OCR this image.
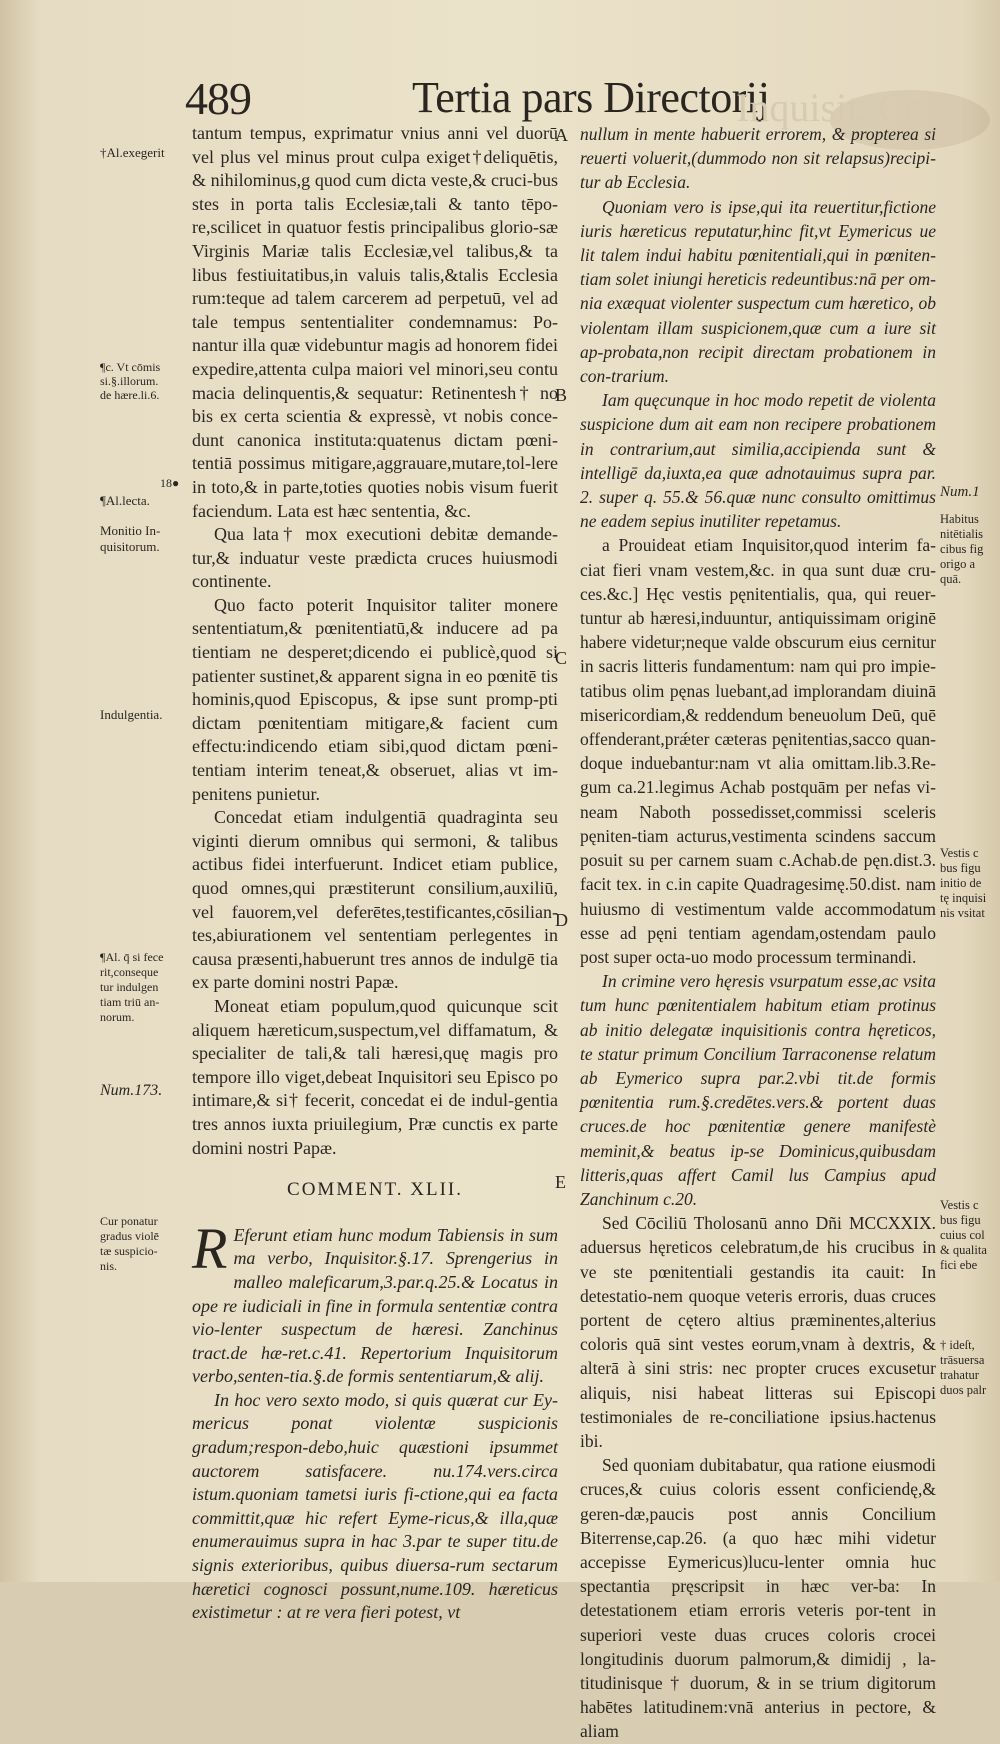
489	Tertia pars Directorij
Inquisit. Co

tantum tempus, exprimatur vnius anni vel duorū vel plus vel minus prout culpa exiget†deliquētis, & nihilominus,g quod cum dicta veste,& cruci-bus stes in porta talis Ecclesiæ,tali & tanto tēpo-re,scilicet in quatuor festis principalibus glorio-sæ Virginis Mariæ talis Ecclesiæ,vel talibus,& ta libus festiuitatibus,in valuis talis,&talis Ecclesia rum:teque ad talem carcerem ad perpetuū, vel ad tale tempus sententialiter condemnamus: Po-nantur illa quæ videbuntur magis ad honorem fidei expedire,attenta culpa maiori vel minori,seu contu macia delinquentis,& sequatur: Retinentesh† no bis ex certa scientia & expressè, vt nobis conce-dunt canonica instituta:quatenus dictam pœni-tentiā possimus mitigare,aggrauare,mutare,tol-lere in toto,& in parte,toties quoties nobis visum fuerit faciendum. Lata est hæc sententia, &c.

Qua lata† mox executioni debitæ demande-tur,& induatur veste prædicta cruces huiusmodi continente.

Quo facto poterit Inquisitor taliter monere sententiatum,& pœnitentiatū,& inducere ad pa tientiam ne desperet;dicendo ei publicè,quod si patienter sustinet,& apparent signa in eo pœnitē tis hominis,quod Episcopus, & ipse sunt promp-pti dictam pœnitentiam mitigare,& facient cum effectu:indicendo etiam sibi,quod dictam pœni-tentiam interim teneat,& obseruet, alias vt im-penitens punietur.

Concedat etiam indulgentiā quadraginta seu viginti dierum omnibus qui sermoni, & talibus actibus fidei interfuerunt. Indicet etiam publice, quod omnes,qui præstiterunt consilium,auxiliū, vel fauorem,vel deferētes,testificantes,cōsilian-tes,abiurationem vel sententiam perlegentes in causa præsenti,habuerunt tres annos de indulgē tia ex parte domini nostri Papæ.

Moneat etiam populum,quod quicunque scit aliquem hæreticum,suspectum,vel diffamatum, & specialiter de tali,& tali hæresi,quę magis pro tempore illo viget,debeat Inquisitori seu Episco po intimare,& si† fecerit, concedat ei de indul-gentia tres annos iuxta priuilegium, Præ cunctis ex parte domini nostri Papæ.

COMMENT. XLII.

R Eferunt etiam hunc modum Tabiensis in sum ma verbo, Inquisitor.§.17. Sprengerius in malleo maleficarum,3.par.q.25.& Locatus in ope re iudiciali in fine in formula sententiæ contra vio-lenter suspectum de hæresi. Zanchinus tract.de hæ-ret.c.41. Repertorium Inquisitorum verbo,senten-tia.§.de formis sententiarum,& alij.

In hoc vero sexto modo, si quis quærat cur Ey-mericus ponat violentæ suspicionis gradum;respon-debo,huic quæstioni ipsummet auctorem satisfacere. nu.174.vers.circa istum.quoniam tametsi iuris fi-ctione,qui ea facta committit,quæ hic refert Eyme-ricus,& illa,quæ enumerauimus supra in hac 3.par te super titu.de signis exterioribus, quibus diuersa-rum sectarum hæretici cognosci possunt,nume.109. hæreticus existimetur : at re vera fieri potest, vt

nullum in mente habuerit errorem, & propterea si reuerti voluerit,(dummodo non sit relapsus)recipi-tur ab Ecclesia.

Quoniam vero is ipse,qui ita reuertitur,fictione iuris hæreticus reputatur,hinc fit,vt Eymericus ue lit talem indui habitu pœnitentiali,qui in pœniten-tiam solet iniungi hereticis redeuntibus:nā per om-nia exæquat violenter suspectum cum hæretico, ob violentam illam suspicionem,quæ cum a iure sit ap-probata,non recipit directam probationem in con-trarium.

Iam quęcunque in hoc modo repetit de violenta suspicione dum ait eam non recipere probationem in contrarium,aut similia,accipienda sunt & intelligē da,iuxta,ea quæ adnotauimus supra par. 2. super q. 55.& 56.quæ nunc consulto omittimus ne eadem sepius inutiliter repetamus.

a Prouideat etiam Inquisitor,quod interim fa-ciat fieri vnam vestem,&c. in qua sunt duæ cru-ces.&c.] Hęc vestis pęnitentialis, qua, qui reuer-tuntur ab hæresi,induuntur, antiquissimam originē habere videtur;neque valde obscurum eius cernitur in sacris litteris fundamentum: nam qui pro impie-tatibus olim pęnas luebant,ad implorandam diuinā misericordiam,& reddendum beneuolum Deū, quē offenderant,prǽter cæteras pęnitentias,sacco quan-doque induebantur:nam vt alia omittam.lib.3.Re-gum ca.21.legimus Achab postquām per nefas vi-neam Naboth possedisset,commissi sceleris pęniten-tiam acturus,vestimenta scindens saccum posuit su per carnem suam c.Achab.de pęn.dist.3. facit tex. in c.in capite Quadragesimę.50.dist. nam huiusmo di vestimentum valde accommodatum esse ad pęni tentiam agendam,ostendam paulo post super octa-uo modo processum terminandi.

In crimine vero hęresis vsurpatum esse,ac vsita tum hunc pœnitentialem habitum etiam protinus ab initio delegatæ inquisitionis contra hęreticos, te statur primum Concilium Tarraconense relatum ab Eymerico supra par.2.vbi tit.de formis pœnitentia rum.§.credētes.vers.& portent duas cruces.de hoc pœnitentiæ genere manifestè meminit,& beatus ip-se Dominicus,quibusdam litteris,quas affert Camil lus Campius apud Zanchinum c.20.

Sed Cōciliū Tholosanū anno Dñi MCCXXIX. aduersus hęreticos celebratum,de his crucibus in ve ste pœnitentiali gestandis ita cauit: In detestatio-nem quoque veteris erroris, duas cruces portent de cętero altius præminentes,alterius coloris quā sint vestes eorum,vnam à dextris, & alterā à sini stris: nec propter cruces excusetur aliquis, nisi habeat litteras sui Episcopi testimoniales de re-conciliatione ipsius.hactenus ibi.

Sed quoniam dubitabatur, qua ratione eiusmodi cruces,& cuius coloris essent conficiendę,& geren-dæ,paucis post annis Concilium Biterrense,cap.26. (a quo hæc mihi videtur accepisse Eymericus)lucu-lenter omnia huc spectantia pręscripsit in hæc ver-ba: In detestationem etiam erroris veteris por-tent in superiori veste duas cruces coloris crocei longitudinis duorum palmorum,& dimidij , la-titudinisque † duorum, & in se trium digitorum habētes latitudinem:vnā anterius in pectore, & aliam

A
B
C
D
E
†Al.exegerit
¶c. Vt cōmis
si.§.illorum.
de hære.li.6.
18●
¶Al.lecta.
Monitio In-
quisitorum.
Indulgentia.
¶Al. q̄ si fece
rit,conseque
tur indulgen
tiam triū an-
norum.
Num.173.
Cur ponatur
gradus violē
tæ suspicio-
nis.
Num.1
Habitus
nitētialis
cibus fig
origo a
quā.
Vestis c
bus figu
initio de
tę inquisi
nis vsitat
Vestis c
bus figu
cuius col
& qualita
fici ebe
† ideſt,
trāsuersa
trahatur
duos palr
